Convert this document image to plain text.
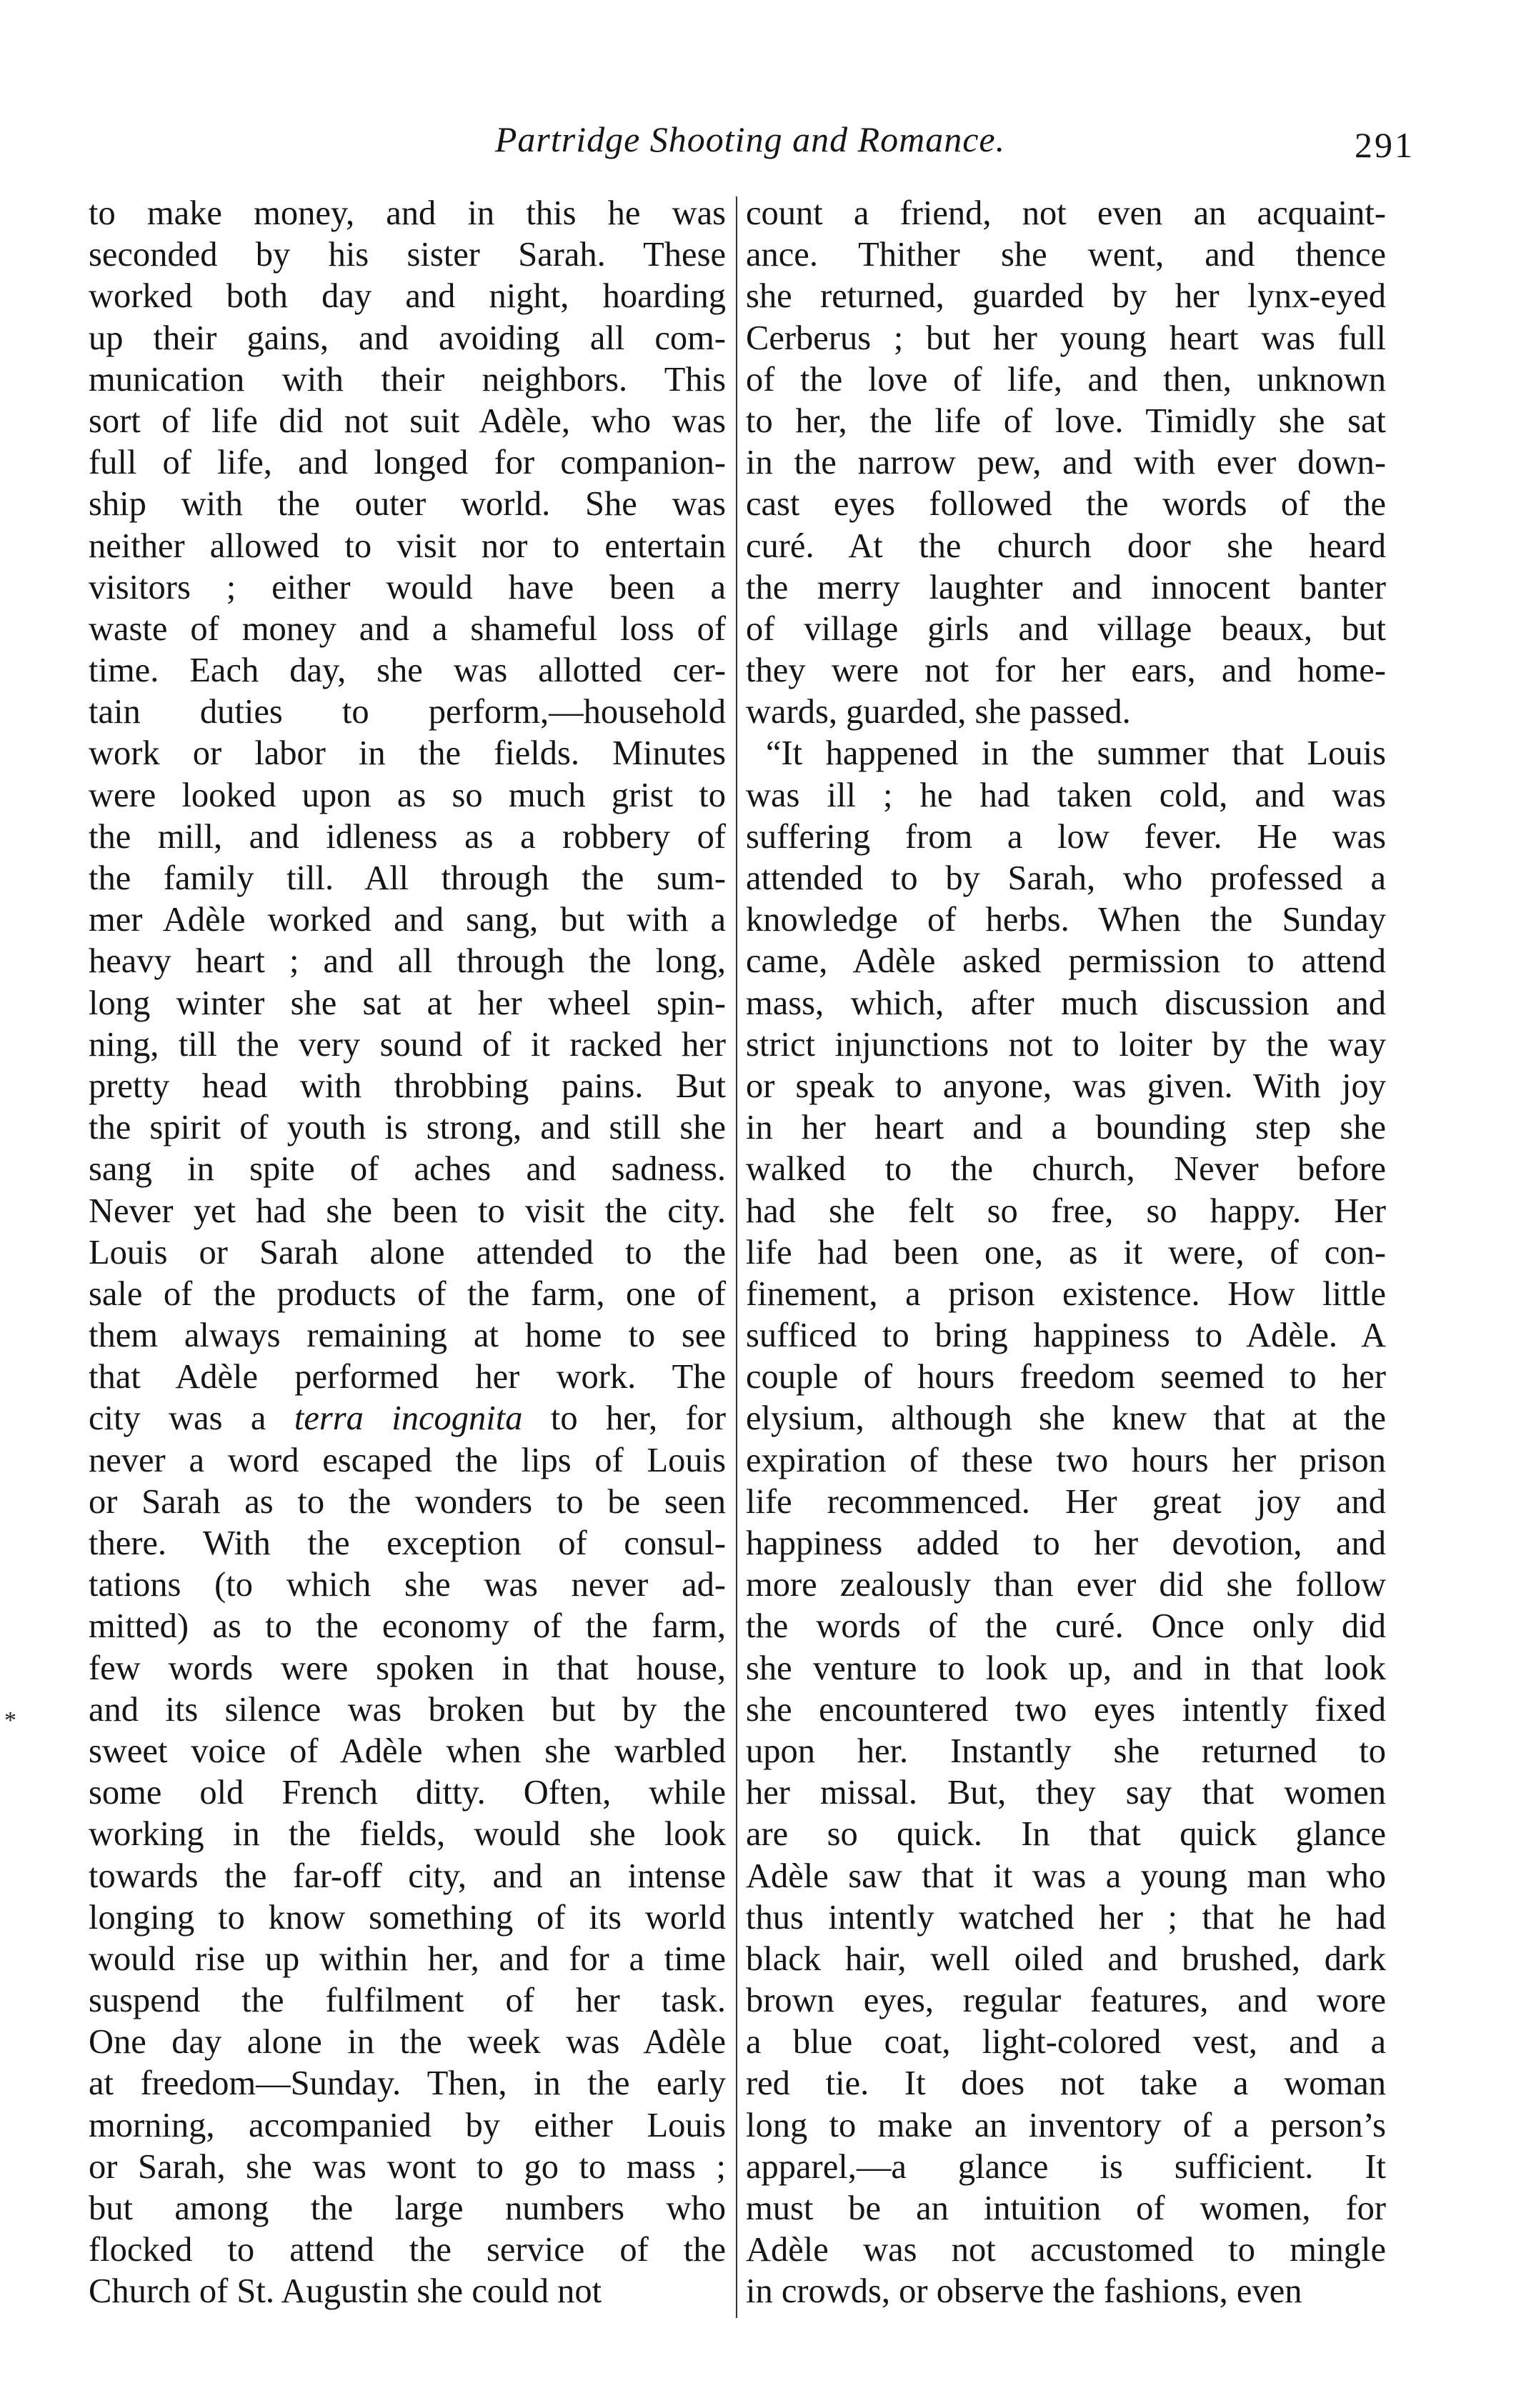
Partridge Shooting and Romance.	291
to make money, and in this he was
seconded by his sister Sarah. These
worked both day and night, hoarding
up their gains, and avoiding all com-
munication with their neighbors. This
sort of life did not suit Adèle, who was
full of life, and longed for companion-
ship with the outer world. She was
neither allowed to visit nor to entertain
visitors ; either would have been a
waste of money and a shameful loss of
time. Each day, she was allotted cer-
tain duties to perform,—household
work or labor in the fields. Minutes
were looked upon as so much grist to
the mill, and idleness as a robbery of
the family till. All through the sum-
mer Adèle worked and sang, but with a
heavy heart ; and all through the long,
long winter she sat at her wheel spin-
ning, till the very sound of it racked her
pretty head with throbbing pains. But
the spirit of youth is strong, and still she
sang in spite of aches and sadness.
Never yet had she been to visit the city.
Louis or Sarah alone attended to the
sale of the products of the farm, one of
them always remaining at home to see
that Adèle performed her work. The
city was a terra incognita to her, for
never a word escaped the lips of Louis
or Sarah as to the wonders to be seen
there. With the exception of consul-
tations (to which she was never ad-
mitted) as to the economy of the farm,
few words were spoken in that house,
and its silence was broken but by the
sweet voice of Adèle when she warbled
some old French ditty. Often, while
working in the fields, would she look
towards the far-off city, and an intense
longing to know something of its world
would rise up within her, and for a time
suspend the fulfilment of her task.
One day alone in the week was Adèle
at freedom—Sunday. Then, in the early
morning, accompanied by either Louis
or Sarah, she was wont to go to mass ;
but among the large numbers who
flocked to attend the service of the
Church of St. Augustin she could not
count a friend, not even an acquaint-
ance. Thither she went, and thence
she returned, guarded by her lynx-eyed
Cerberus ; but her young heart was full
of the love of life, and then, unknown
to her, the life of love. Timidly she sat
in the narrow pew, and with ever down-
cast eyes followed the words of the
curé. At the church door she heard
the merry laughter and innocent banter
of village girls and village beaux, but
they were not for her ears, and home-
wards, guarded, she passed.
“It happened in the summer that Louis
was ill ; he had taken cold, and was
suffering from a low fever. He was
attended to by Sarah, who professed a
knowledge of herbs. When the Sunday
came, Adèle asked permission to attend
mass, which, after much discussion and
strict injunctions not to loiter by the way
or speak to anyone, was given. With joy
in her heart and a bounding step she
walked to the church, Never before
had she felt so free, so happy. Her
life had been one, as it were, of con-
finement, a prison existence. How little
sufficed to bring happiness to Adèle. A
couple of hours freedom seemed to her
elysium, although she knew that at the
expiration of these two hours her prison
life recommenced. Her great joy and
happiness added to her devotion, and
more zealously than ever did she follow
the words of the curé. Once only did
she venture to look up, and in that look
she encountered two eyes intently fixed
upon her. Instantly she returned to
her missal. But, they say that women
are so quick. In that quick glance
Adèle saw that it was a young man who
thus intently watched her ; that he had
black hair, well oiled and brushed, dark
brown eyes, regular features, and wore
a blue coat, light-colored vest, and a
red tie. It does not take a woman
long to make an inventory of a person’s
apparel,—a glance is sufficient. It
must be an intuition of women, for
Adèle was not accustomed to mingle
in crowds, or observe the fashions, even
*
